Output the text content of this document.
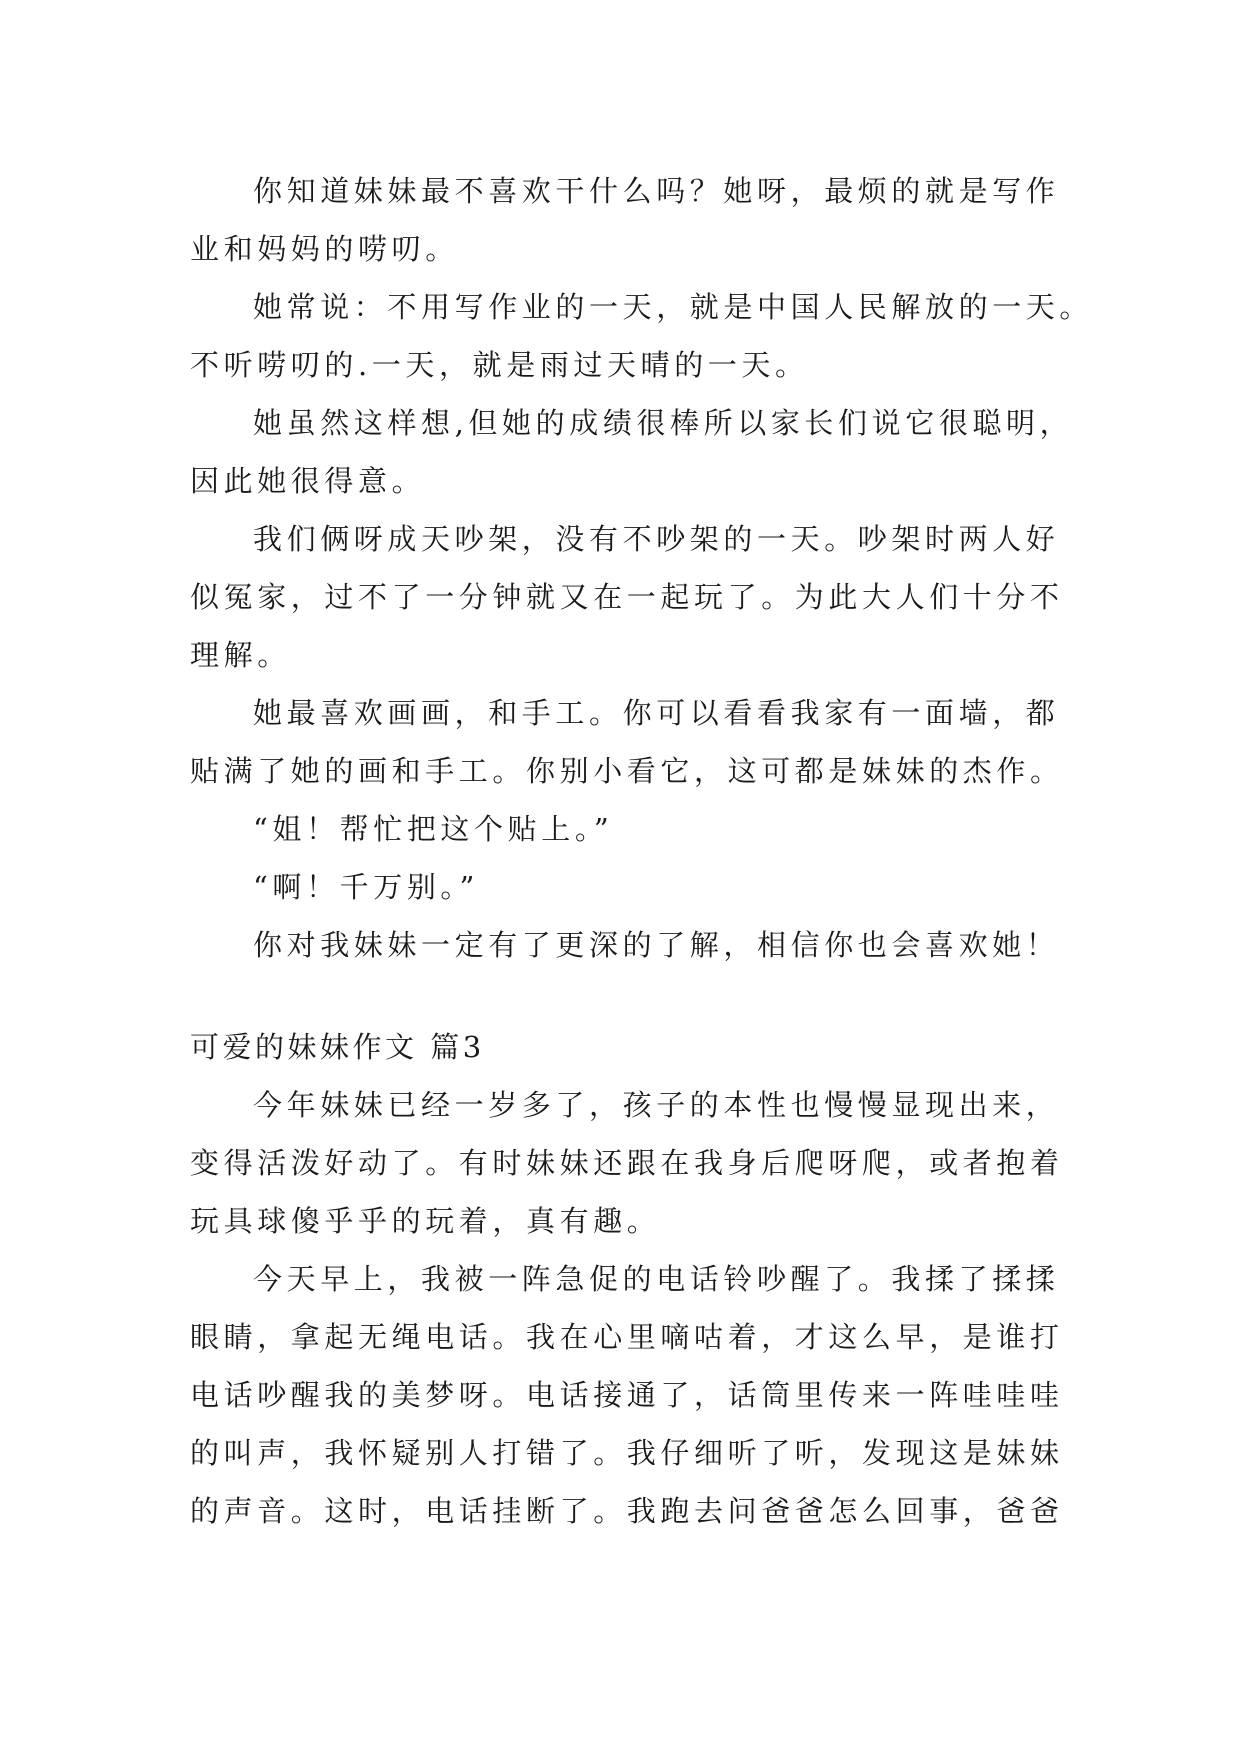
你知道妹妹最不喜欢干什么吗？她呀，最烦的就是写作
业和妈妈的唠叨。
她常说：不用写作业的一天，就是中国人民解放的一天。
不听唠叨的.一天，就是雨过天晴的一天。
她虽然这样想,但她的成绩很棒所以家长们说它很聪明，
因此她很得意。
我们俩呀成天吵架，没有不吵架的一天。吵架时两人好
似冤家，过不了一分钟就又在一起玩了。为此大人们十分不
理解。
她最喜欢画画，和手工。你可以看看我家有一面墙，都
贴满了她的画和手工。你别小看它，这可都是妹妹的杰作。
“姐！帮忙把这个贴上。”
“啊！千万别。”
你对我妹妹一定有了更深的了解，相信你也会喜欢她！
可爱的妹妹作文 篇3
今年妹妹已经一岁多了，孩子的本性也慢慢显现出来，
变得活泼好动了。有时妹妹还跟在我身后爬呀爬，或者抱着
玩具球傻乎乎的玩着，真有趣。
今天早上，我被一阵急促的电话铃吵醒了。我揉了揉揉
眼睛，拿起无绳电话。我在心里嘀咕着，才这么早，是谁打
电话吵醒我的美梦呀。电话接通了，话筒里传来一阵哇哇哇
的叫声，我怀疑别人打错了。我仔细听了听，发现这是妹妹
的声音。这时，电话挂断了。我跑去问爸爸怎么回事，爸爸
